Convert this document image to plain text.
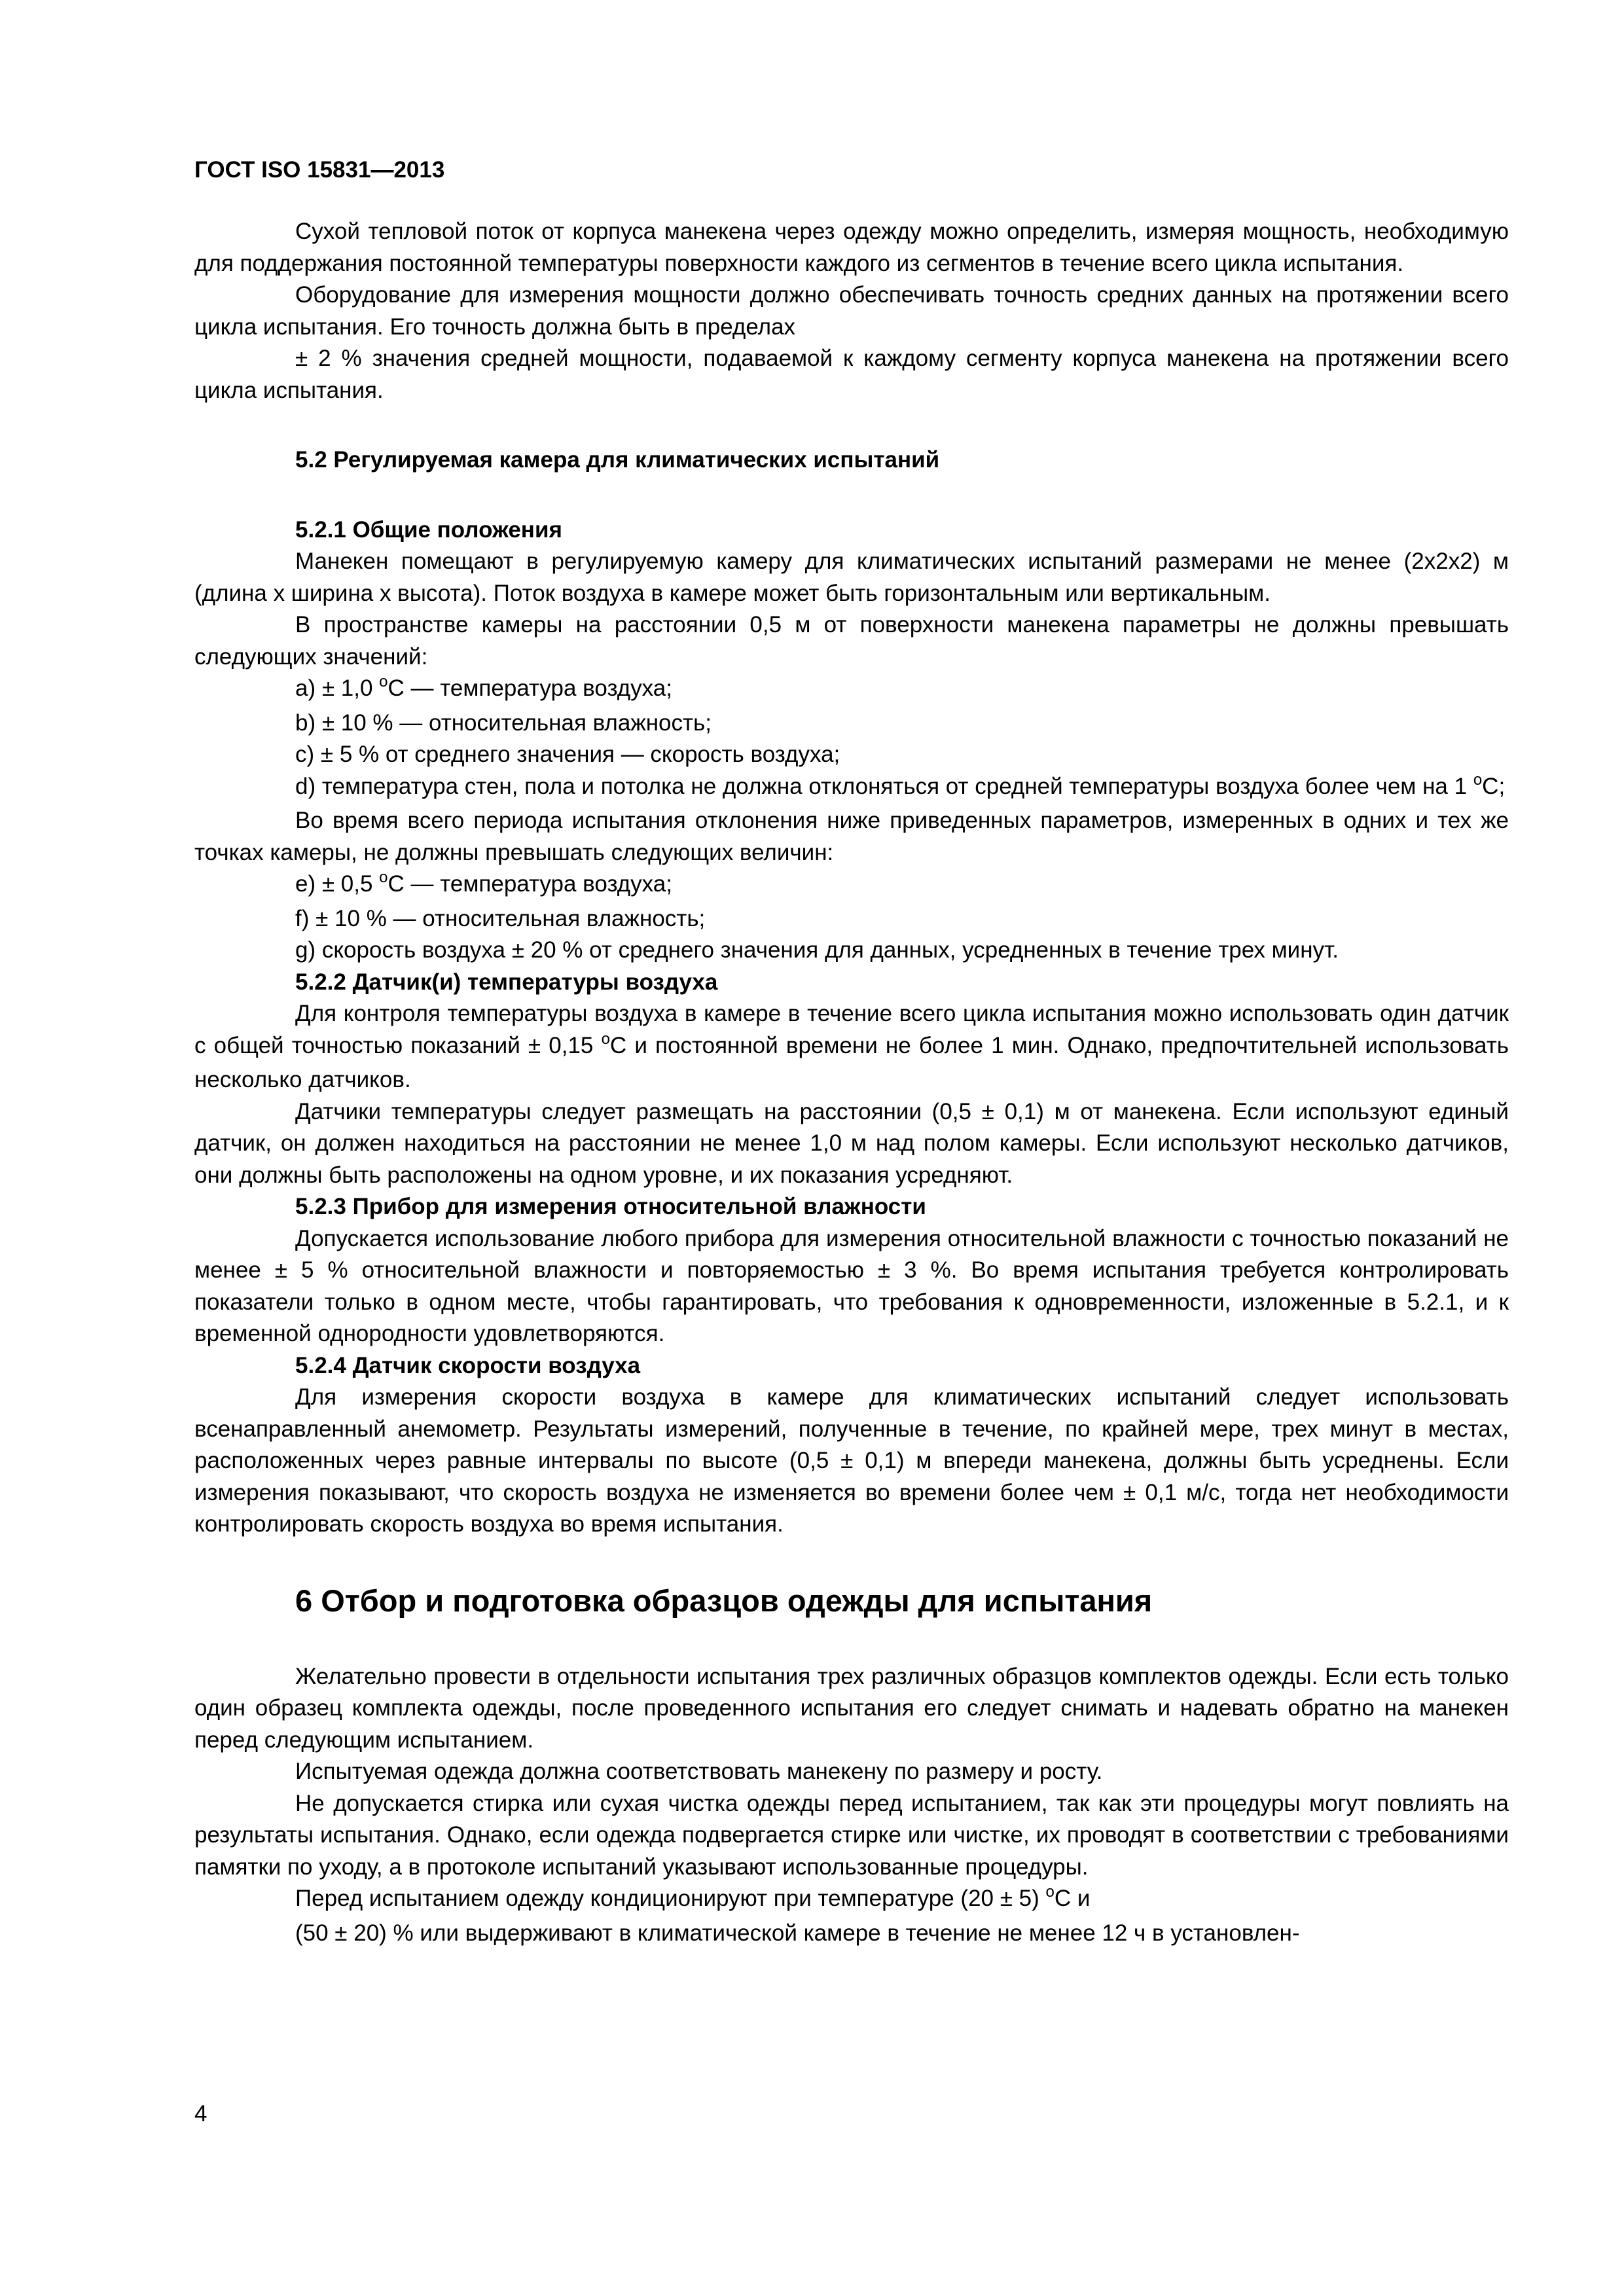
ГОСТ ISO 15831—2013

Сухой тепловой поток от корпуса манекена через одежду можно определить, измеряя мощность, необходимую для поддержания постоянной температуры поверхности каждого из сегментов в течение всего цикла испытания.

Оборудование для измерения мощности должно обеспечивать точность средних данных на протяжении всего цикла испытания. Его точность должна быть в пределах

± 2 % значения средней мощности, подаваемой к каждому сегменту корпуса манекена на протяжении всего цикла испытания.

5.2 Регулируемая камера для климатических испытаний

5.2.1 Общие положения

Манекен помещают в регулируемую камеру для климатических испытаний размерами не менее (2x2x2) м (длина x ширина x высота). Поток воздуха в камере может быть горизонтальным или вертикальным.

В пространстве камеры на расстоянии 0,5 м от поверхности манекена параметры не должны превышать следующих значений:

a) ± 1,0 $^o$С — температура воздуха;

b) ± 10 % — относительная влажность;

c) ± 5 % от среднего значения — скорость воздуха;

d) температура стен, пола и потолка не должна отклоняться от средней температуры воздуха более чем на 1 $^o$С;

Во время всего периода испытания отклонения ниже приведенных параметров, измеренных в одних и тех же точках камеры, не должны превышать следующих величин:

e) ± 0,5 $^o$С — температура воздуха;

f) ± 10 % — относительная влажность;

g) скорость воздуха ± 20 % от среднего значения для данных, усредненных в течение трех минут.

5.2.2 Датчик(и) температуры воздуха

Для контроля температуры воздуха в камере в течение всего цикла испытания можно использовать один датчик с общей точностью показаний ± 0,15 $^o$С и постоянной времени не более 1 мин. Однако, предпочтительней использовать несколько датчиков.

Датчики температуры следует размещать на расстоянии (0,5 ± 0,1) м от манекена. Если используют единый датчик, он должен находиться на расстоянии не менее 1,0 м над полом камеры. Если используют несколько датчиков, они должны быть расположены на одном уровне, и их показания усредняют.

5.2.3 Прибор для измерения относительной влажности

Допускается использование любого прибора для измерения относительной влажности с точностью показаний не менее ± 5 % относительной влажности и повторяемостью ± 3 %. Во время испытания требуется контролировать показатели только в одном месте, чтобы гарантировать, что требования к одновременности, изложенные в 5.2.1, и к временной однородности удовлетворяются.

5.2.4 Датчик скорости воздуха

Для измерения скорости воздуха в камере для климатических испытаний следует использовать всенаправленный анемометр. Результаты измерений, полученные в течение, по крайней мере, трех минут в местах, расположенных через равные интервалы по высоте (0,5 ± 0,1) м впереди манекена, должны быть усреднены. Если измерения показывают, что скорость воздуха не изменяется во времени более чем ± 0,1 м/с, тогда нет необходимости контролировать скорость воздуха во время испытания.

6 Отбор и подготовка образцов одежды для испытания

Желательно провести в отдельности испытания трех различных образцов комплектов одежды. Если есть только один образец комплекта одежды, после проведенного испытания его следует снимать и надевать обратно на манекен перед следующим испытанием.

Испытуемая одежда должна соответствовать манекену по размеру и росту.

Не допускается стирка или сухая чистка одежды перед испытанием, так как эти процедуры могут повлиять на результаты испытания. Однако, если одежда подвергается стирке или чистке, их проводят в соответствии с требованиями памятки по уходу, а в протоколе испытаний указывают использованные процедуры.

Перед испытанием одежду кондиционируют при температуре (20 ± 5) $^o$С и

(50 ± 20) % или выдерживают в климатической камере в течение не менее 12 ч в установлен-

4
